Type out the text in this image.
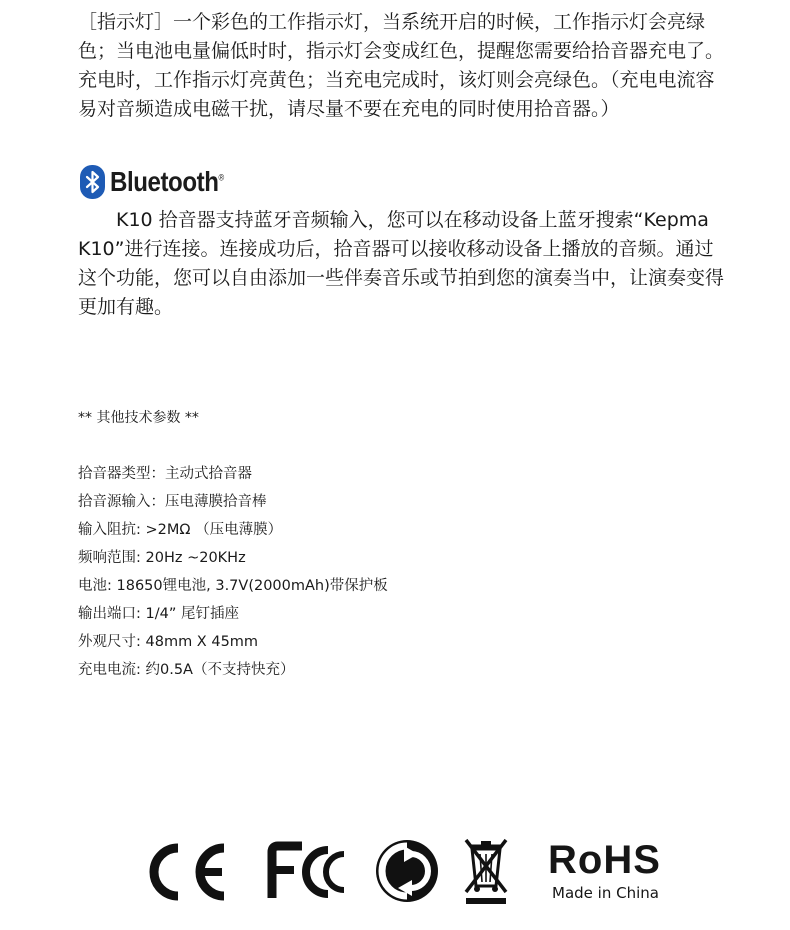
［指示灯］一个彩色的工作指示灯，当系统开启的时候，工作指示灯会亮绿色；当电池电量偏低时时，指示灯会变成红色，提醒您需要给拾音器充电了。充电时，工作指示灯亮黄色；当充电完成时，该灯则会亮绿色。（充电电流容易对音频造成电磁干扰，请尽量不要在充电的同时使用拾音器。）

Bluetooth®

　　K10 拾音器支持蓝牙音频输入，您可以在移动设备上蓝牙搜索“Kepma K10”进行连接。连接成功后，拾音器可以接收移动设备上播放的音频。通过这个功能，您可以自由添加一些伴奏音乐或节拍到您的演奏当中，让演奏变得更加有趣。

** 其他技术参数 **
拾音器类型：主动式拾音器
拾音源输入：压电薄膜拾音棒
输入阻抗: >2MΩ （压电薄膜）
频响范围: 20Hz ~20KHz
电池: 18650锂电池, 3.7V(2000mAh)带保护板
输出端口: 1/4” 尾钉插座
外观尺寸: 48mm X 45mm
充电电流: 约0.5A（不支持快充）
RoHS
Made in China
